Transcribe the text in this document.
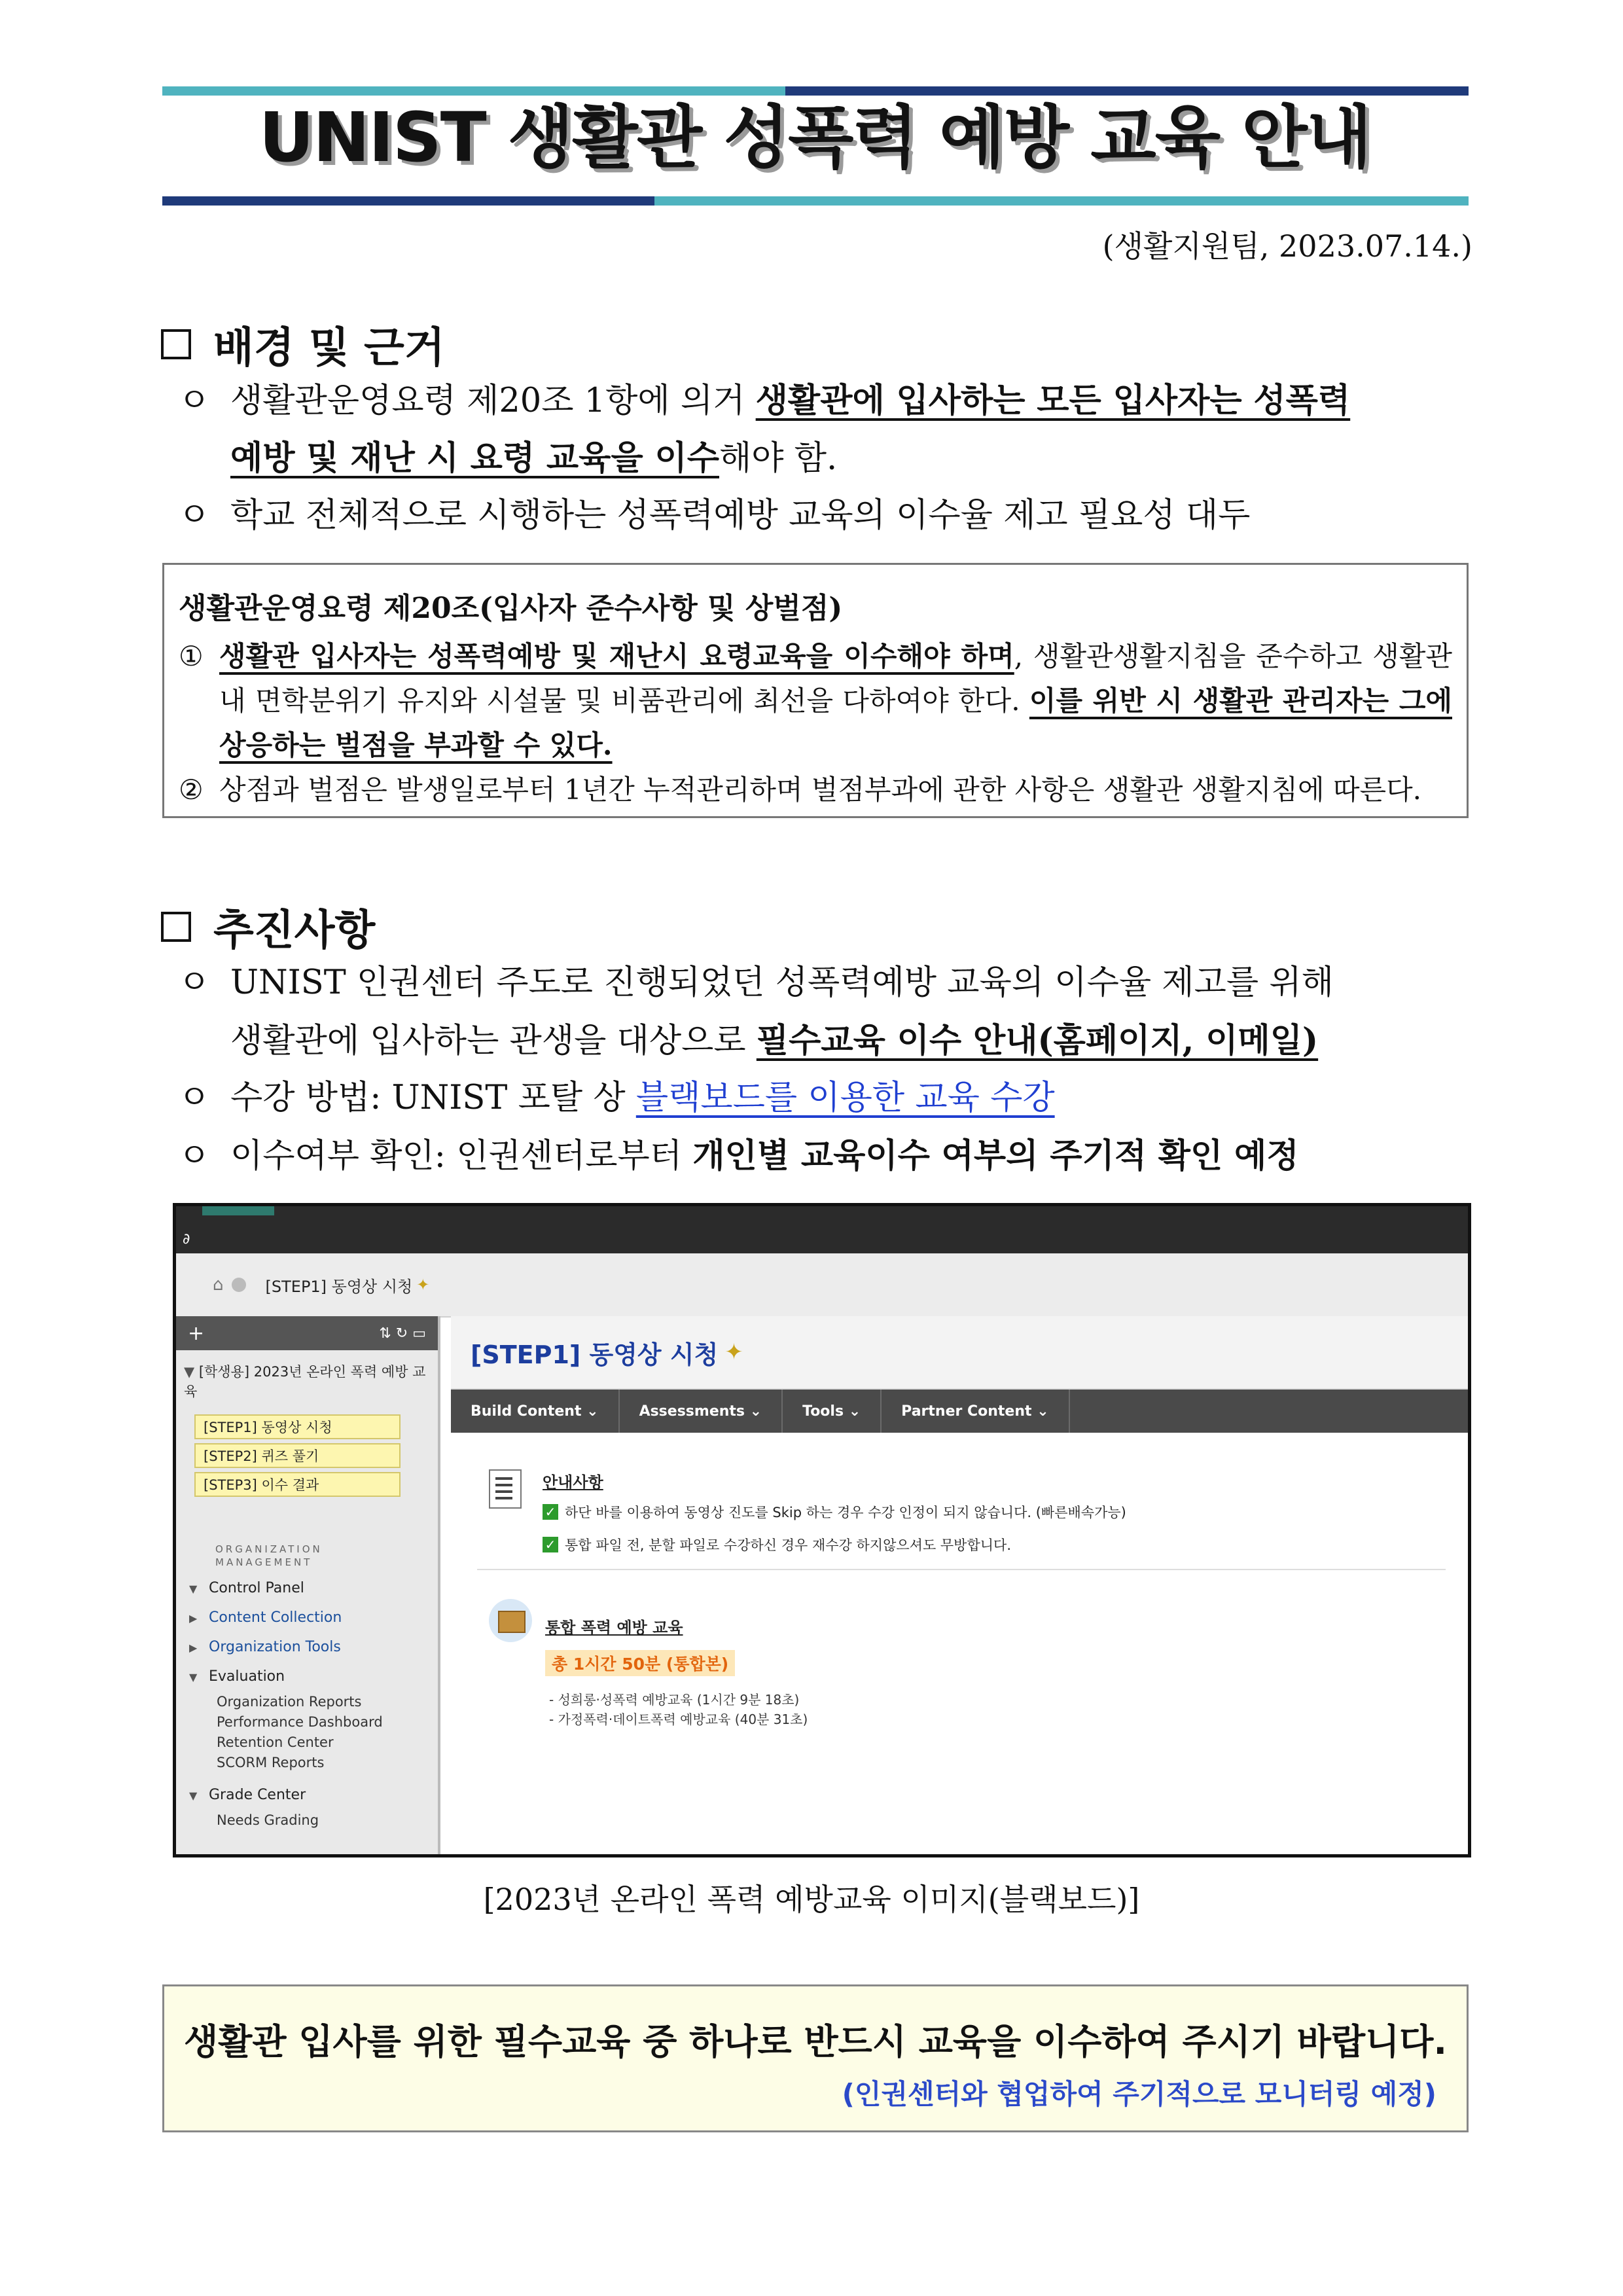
UNIST 생활관 성폭력 예방 교육 안내
(생활지원팀, 2023.07.14.)
배경 및 근거
ㅇ 생활관운영요령 제20조 1항에 의거 생활관에 입사하는 모든 입사자는 성폭력
예방 및 재난 시 요령 교육을 이수해야 함.
ㅇ 학교 전체적으로 시행하는 성폭력예방 교육의 이수율 제고 필요성 대두
생활관운영요령 제20조(입사자 준수사항 및 상벌점)
① 생활관 입사자는 성폭력예방 및 재난시 요령교육을 이수해야 하며, 생활관생활지침을 준수하고 생활관 내 면학분위기 유지와 시설물 및 비품관리에 최선을 다하여야 한다. 이를 위반 시 생활관 관리자는 그에 상응하는 벌점을 부과할 수 있다.
② 상점과 벌점은 발생일로부터 1년간 누적관리하며 벌점부과에 관한 사항은 생활관 생활지침에 따른다.
추진사항
ㅇ UNIST 인권센터 주도로 진행되었던 성폭력예방 교육의 이수율 제고를 위해
생활관에 입사하는 관생을 대상으로 필수교육 이수 안내(홈페이지, 이메일)
ㅇ 수강 방법: UNIST 포탈 상 블랙보드를 이용한 교육 수강
ㅇ 이수여부 확인: 인권센터로부터 개인별 교육이수 여부의 주기적 확인 예정
∂
⌂	[STEP1] 동영상 시청 ✦
+	⇅ ↻ ▭
▼ [학생용] 2023년 온라인 폭력 예방 교육
[STEP1] 동영상 시청
[STEP2] 퀴즈 풀기
[STEP3] 이수 결과
ORGANIZATION
MANAGEMENT
▼ Control Panel
▶ Content Collection
▶ Organization Tools
▼ Evaluation
Organization Reports
Performance Dashboard
Retention Center
SCORM Reports
▼ Grade Center
Needs Grading
[STEP1] 동영상 시청 ✦
Build Content ⌄	Assessments ⌄	Tools ⌄	Partner Content ⌄
안내사항
✓ 하단 바를 이용하여 동영상 진도를 Skip 하는 경우 수강 인정이 되지 않습니다. (빠른배속가능)
✓ 통합 파일 전, 분할 파일로 수강하신 경우 재수강 하지않으셔도 무방합니다.
통합 폭력 예방 교육
총 1시간 50분 (통합본)
- 성희롱·성폭력 예방교육 (1시간 9분 18초)
- 가정폭력·데이트폭력 예방교육 (40분 31초)
[2023년 온라인 폭력 예방교육 이미지(블랙보드)]
생활관 입사를 위한 필수교육 중 하나로 반드시 교육을 이수하여 주시기 바랍니다.
(인권센터와 협업하여 주기적으로 모니터링 예정)
